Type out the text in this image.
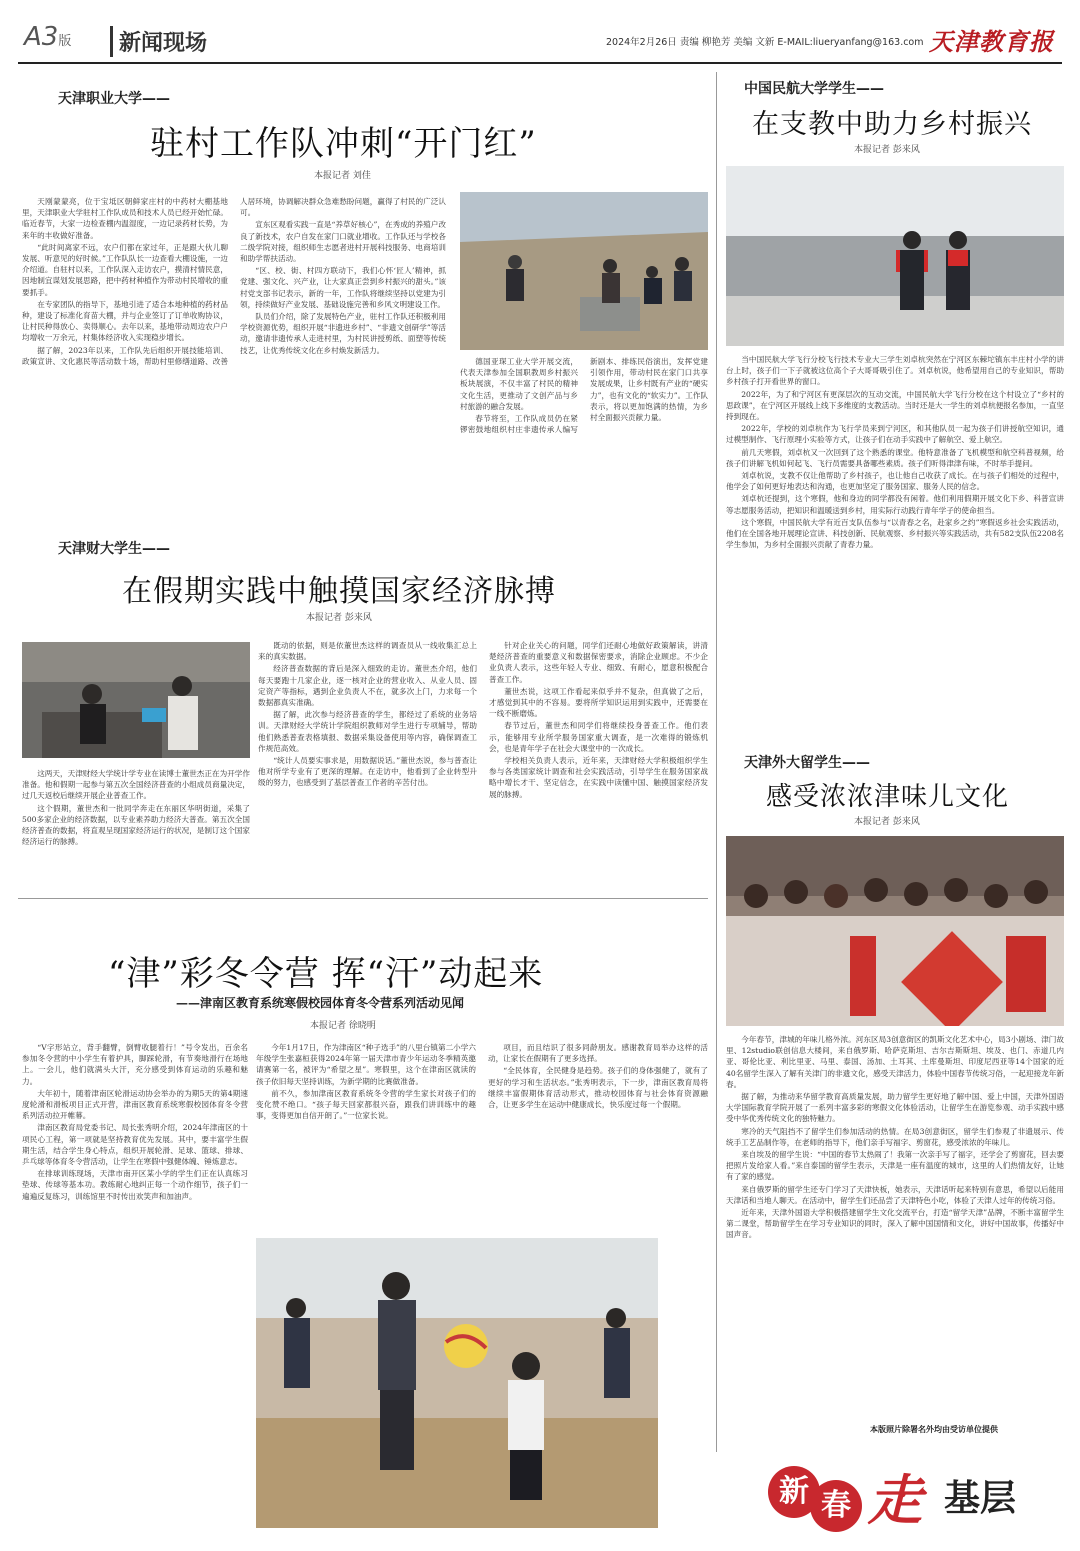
A3版	新闻现场	2024年2月26日 责编 柳艳芳 美编 文新 E-MAIL:liueryanfang@163.com 天津教育报
天津职业大学——
驻村工作队冲刺“开门红”
本报记者 刘佳

天刚蒙蒙亮，位于宝坻区朝鲜家庄村的中药材大棚基地里，天津职业大学驻村工作队成员和技术人员已经开始忙碌。临近春节，大家一边检查棚内温湿度，一边记录药材长势，为来年的丰收做好准备。

“此时间离家不远，农户们都在家过年，正是跟大伙儿聊发展、听意见的好时候。”工作队队长一边查看大棚设施，一边介绍道。自驻村以来，工作队深入走访农户，摸清村情民意，因地制宜谋划发展思路，把中药材种植作为带动村民增收的重要抓手。

在专家团队的指导下，基地引进了适合本地种植的药材品种，建设了标准化育苗大棚，并与企业签订了订单收购协议，让村民种得放心、卖得顺心。去年以来，基地带动周边农户户均增收一万余元，村集体经济收入实现稳步增长。

据了解，2023年以来，工作队先后组织开展技能培训、政策宣讲、文化惠民等活动数十场，帮助村里修缮道路、改善人居环境，协调解决群众急难愁盼问题，赢得了村民的广泛认可。

宣东区观看实践一直是“养草好核心”，在秀成的养殖户改良了新技术，农户自发在家门口就业增收。工作队还与学校各二级学院对接，组织师生志愿者进村开展科技服务、电商培训和助学帮扶活动。

“区、校、街、村四方联动下，我们心怀‘匠人’精神，抓党建、强文化、兴产业，让大家真正尝到乡村振兴的甜头。”该村党支部书记表示，新的一年，工作队将继续坚持以党建为引领，持续做好产业发展、基础设施完善和乡风文明建设工作。

队员们介绍，除了发展特色产业，驻村工作队还积极利用学校资源优势，组织开展“非遗进乡村”、“非遗文创研学”等活动，邀请非遗传承人走进村里，为村民讲授剪纸、面塑等传统技艺，让优秀传统文化在乡村焕发新活力。

德国亚琛工业大学开展交流，代表天津参加全国职教周乡村振兴板块展演，不仅丰富了村民的精神文化生活，更推动了文创产品与乡村旅游的融合发展。

春节将至，工作队成员仍在紧锣密鼓地组织村庄非遗传承人编写新剧本、排练民俗演出，发挥党建引领作用，带动村民在家门口共享发展成果，让乡村既有产业的“硬实力”，也有文化的“软实力”。工作队表示，将以更加饱满的热情，为乡村全面振兴贡献力量。

天津财大学生——
在假期实践中触摸国家经济脉搏
本报记者 彭来风

这两天，天津财经大学统计学专业在读博士董世杰正在为开学作准备。他和假期一起参与第五次全国经济普查的小组成员商量决定，过几天返校后继续开展企业普查工作。

这个假期，董世杰和一批同学奔走在东丽区华明街道，采集了500多家企业的经济数据，以专业素养助力经济大普查。第五次全国经济普查的数据，将直观呈现国家经济运行的状况，是制订这个国家经济运行的脉搏。

既动的依据，则是依董世杰这样的调查员从一线收集汇总上来的真实数据。

经济普查数据的背后是深入细致的走访。董世杰介绍，他们每天要跑十几家企业，逐一核对企业的营业收入、从业人员、固定资产等指标，遇到企业负责人不在，就多次上门，力求每一个数据都真实准确。

据了解，此次参与经济普查的学生，都经过了系统的业务培训。天津财经大学统计学院组织教师对学生进行专项辅导，帮助他们熟悉普查表格填报、数据采集设备使用等内容，确保调查工作规范高效。

“统计人员要实事求是，用数据说话。”董世杰说，参与普查让他对所学专业有了更深的理解。在走访中，他看到了企业转型升级的努力，也感受到了基层普查工作者的辛苦付出。

针对企业关心的问题，同学们还耐心地做好政策解读，讲清楚经济普查的重要意义和数据保密要求，消除企业顾虑。不少企业负责人表示，这些年轻人专业、细致、有耐心，愿意积极配合普查工作。

董世杰说，这项工作看起来似乎并不复杂，但真做了之后，才感觉到其中的不容易。要将所学知识运用到实践中，还需要在一线不断磨炼。

春节过后，董世杰和同学们将继续投身普查工作。他们表示，能够用专业所学服务国家重大调查，是一次难得的锻炼机会，也是青年学子在社会大课堂中的一次成长。

学校相关负责人表示，近年来，天津财经大学积极组织学生参与各类国家统计调查和社会实践活动，引导学生在服务国家战略中增长才干、坚定信念，在实践中读懂中国、触摸国家经济发展的脉搏。

“津”彩冬令营 挥“汗”动起来
——津南区教育系统寒假校园体育冬令营系列活动见闻
本报记者 徐晓明

“V字形站立，背手翻臂，倒臂收腿着行！”号令发出，百余名参加冬令营的中小学生有着护具，脚踩轮滑，有节奏地滑行在场地上。一会儿，他们就满头大汗，充分感受到体育运动的乐趣和魅力。

大年初十，随着津南区轮滑运动协会举办的为期5天的第4期速度轮滑和滑板项目正式开营，津南区教育系统寒假校园体育冬令营系列活动拉开帷幕。

津南区教育局党委书记、局长张秀明介绍，2024年津南区的十项民心工程，第一项就是坚持教育优先发展。其中，要丰富学生假期生活，结合学生身心特点，组织开展轮滑、足球、篮球、排球、乒乓球等体育冬令营活动，让学生在寒假中强健体魄、锤炼意志。

在排球训练现场，天津市南开区某小学的学生们正在认真练习垫球、传球等基本功。教练耐心地纠正每一个动作细节，孩子们一遍遍反复练习，训练馆里不时传出欢笑声和加油声。

今年1月17日，作为津南区“种子选手”的八里台镇第二小学六年级学生张嘉桓获得2024年第一届天津市青少年运动冬季精英邀请赛第一名，被评为“希望之星”。寒假里，这个在津南区就读的孩子依旧每天坚持训练，为新学期的比赛做准备。

前不久，参加津南区教育系统冬令营的学生家长对孩子们的变化赞不绝口。“孩子每天回家都很兴奋，跟我们讲训练中的趣事，变得更加自信开朗了。”一位家长说。

项目，而且结识了很多同龄朋友。感谢教育局举办这样的活动，让家长在假期有了更多选择。

“全民体育，全民健身是趋势。孩子们的身体强健了，就有了更好的学习和生活状态。”张秀明表示，下一步，津南区教育局将继续丰富假期体育活动形式，推动校园体育与社会体育资源融合，让更多学生在运动中健康成长，快乐度过每一个假期。

中国民航大学学生——
在支教中助力乡村振兴
本报记者 彭来风

当中国民航大学飞行分校飞行技术专业大三学生刘卓杭突然在宁河区东棘坨镇东丰庄村小学的讲台上时，孩子们一下子就被这位高个子大哥哥吸引住了。刘卓杭说，他希望用自己的专业知识，帮助乡村孩子打开看世界的窗口。

2022年，为了和宁河区有更深层次的互动交流，中国民航大学飞行分校在这个村设立了“乡村的思政课”，在宁河区开展线上线下多维度的支教活动。当时还是大一学生的刘卓杭便报名参加，一直坚持到现在。

2022年，学校的刘卓杭作为飞行学员来到宁河区，和其他队员一起为孩子们讲授航空知识，通过模型制作、飞行原理小实验等方式，让孩子们在动手实践中了解航空、爱上航空。

前几天寒假，刘卓杭又一次回到了这个熟悉的课堂。他特意准备了飞机模型和航空科普视频，给孩子们讲解飞机如何起飞、飞行员需要具备哪些素质。孩子们听得津津有味，不时举手提问。

刘卓杭说，支教不仅让他帮助了乡村孩子，也让他自己收获了成长。在与孩子们相处的过程中，他学会了如何更好地表达和沟通，也更加坚定了服务国家、服务人民的信念。

刘卓杭还提到，这个寒假，他和身边的同学都没有闲着。他们利用假期开展文化下乡、科普宣讲等志愿服务活动，把知识和温暖送到乡村，用实际行动践行青年学子的使命担当。

这个寒假，中国民航大学有近百支队伍参与“以青春之名，赴家乡之约”寒假返乡社会实践活动，他们在全国各地开展理论宣讲、科技创新、民航观察、乡村振兴等实践活动，共有582支队伍2208名学生参加，为乡村全面振兴贡献了青春力量。

天津外大留学生——
感受浓浓津味儿文化
本报记者 彭来风

今年春节，津城的年味儿格外浓。河东区局3创意街区的凯斯文化艺术中心，局3小剧场、津门故里、12studio联创信息大楼间，来自俄罗斯、哈萨克斯坦、吉尔吉斯斯坦、埃及、也门、赤道几内亚、哥伦比亚、利比里亚、马里、泰国、汤加、土耳其、土库曼斯坦、印度尼西亚等14个国家的近40名留学生深入了解有关津门的非遗文化，感受天津活力，体验中国春节传统习俗，一起迎接龙年新春。

据了解，为推动来华留学教育高质量发展，助力留学生更好地了解中国、爱上中国，天津外国语大学国际教育学院开展了一系列丰富多彩的寒假文化体验活动，让留学生在游览参观、动手实践中感受中华优秀传统文化的独特魅力。

寒冷的天气阻挡不了留学生们参加活动的热情。在局3创意街区，留学生们参观了非遗展示、传统手工艺品制作等，在老师的指导下，他们亲手写福字、剪窗花，感受浓浓的年味儿。

来自埃及的留学生说：“中国的春节太热闹了！我第一次亲手写了福字，还学会了剪窗花，回去要把照片发给家人看。”来自泰国的留学生表示，天津是一座有温度的城市，这里的人们热情友好，让她有了家的感觉。

来自俄罗斯的留学生还专门学习了天津快板，她表示，天津话听起来特别有意思，希望以后能用天津话和当地人聊天。在活动中，留学生们还品尝了天津特色小吃，体验了天津人过年的传统习俗。

近年来，天津外国语大学积极搭建留学生文化交流平台，打造“留学天津”品牌，不断丰富留学生第二课堂，帮助留学生在学习专业知识的同时，深入了解中国国情和文化，讲好中国故事，传播好中国声音。

本版照片除署名外均由受访单位提供
新 春 走 基层
